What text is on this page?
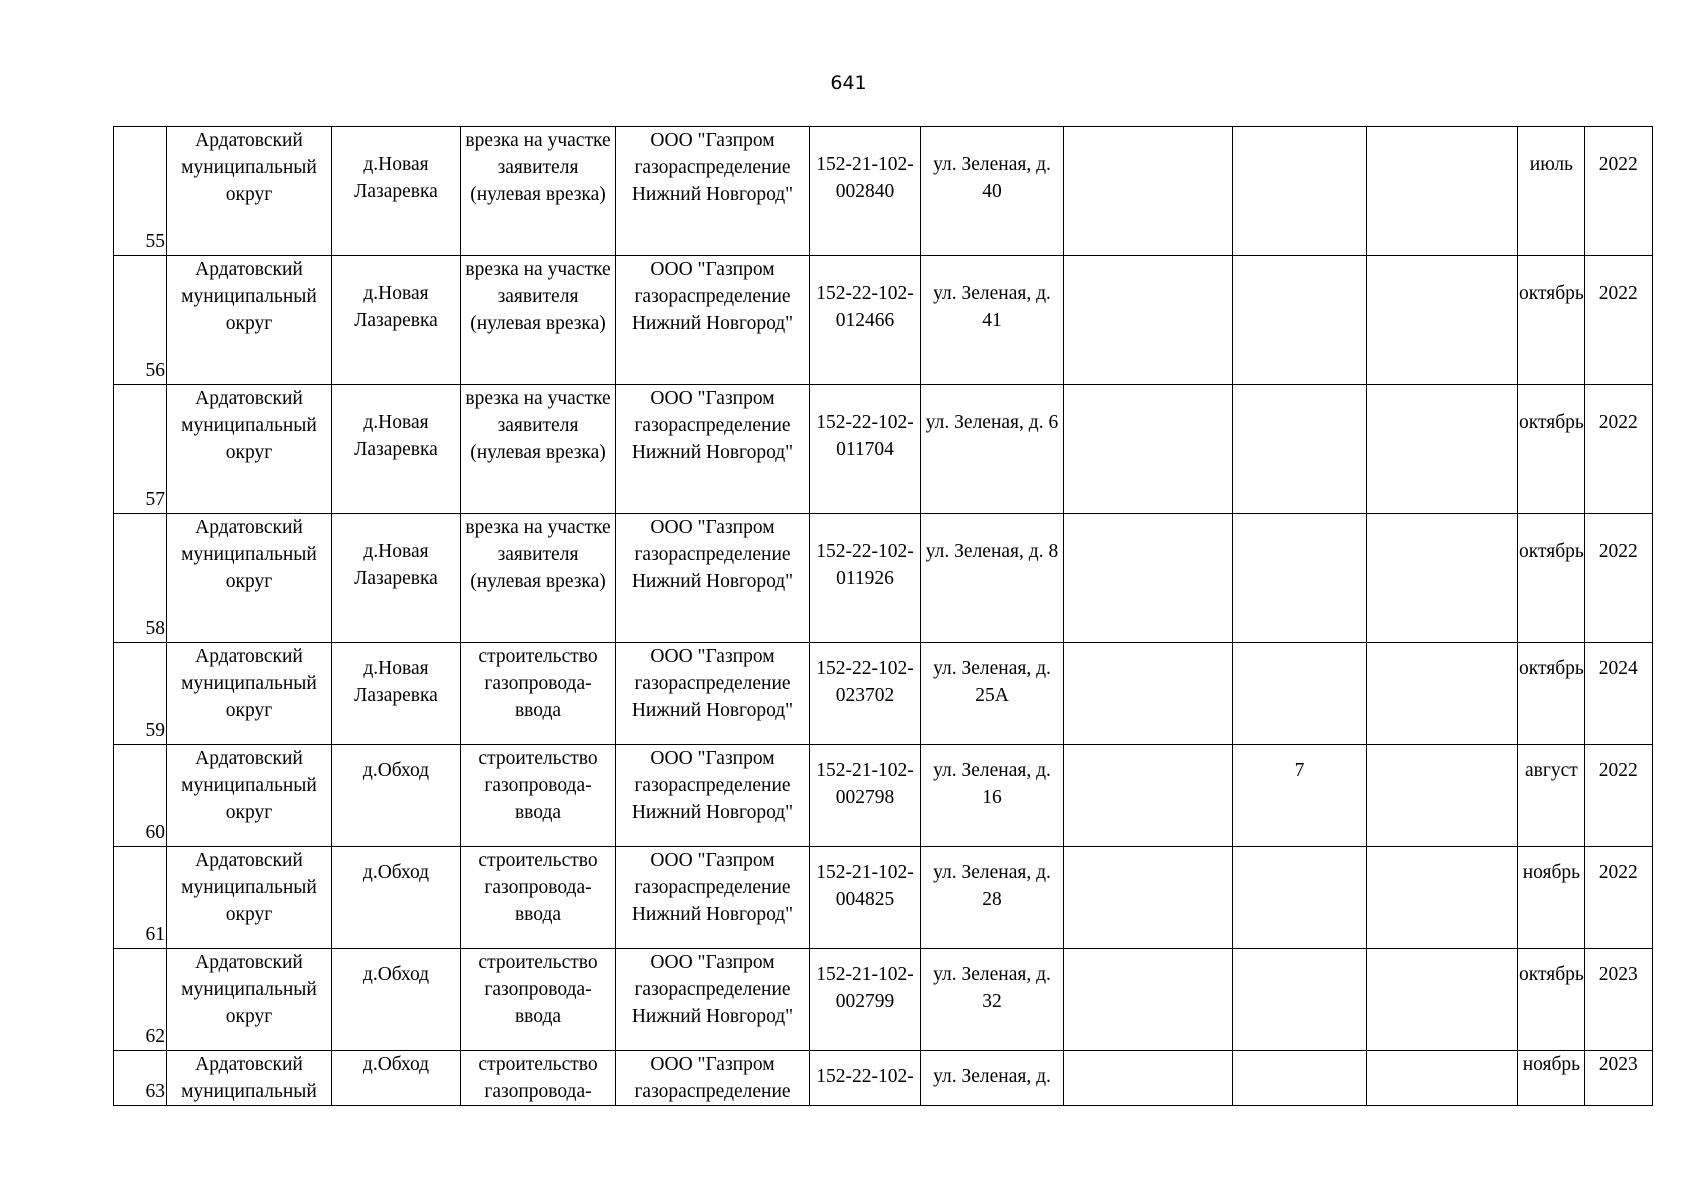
641
55	Ардатовский муниципальный округ	д.Новая Лазаревка	врезка на участке заявителя (нулевая врезка)	ООО "Газпром газораспределение Нижний Новгород"	152-21-102-002840	ул. Зеленая, д. 40				июль	2022

56	Ардатовский муниципальный округ	д.Новая Лазаревка	врезка на участке заявителя (нулевая врезка)	ООО "Газпром газораспределение Нижний Новгород"	152-22-102-012466	ул. Зеленая, д. 41				октябрь	2022

57	Ардатовский муниципальный округ	д.Новая Лазаревка	врезка на участке заявителя (нулевая врезка)	ООО "Газпром газораспределение Нижний Новгород"	152-22-102-011704	ул. Зеленая, д. 6				октябрь	2022

58	Ардатовский муниципальный округ	д.Новая Лазаревка	врезка на участке заявителя (нулевая врезка)	ООО "Газпром газораспределение Нижний Новгород"	152-22-102-011926	ул. Зеленая, д. 8				октябрь	2022

59	Ардатовский муниципальный округ	д.Новая Лазаревка	строительство газопровода-ввода	ООО "Газпром газораспределение Нижний Новгород"	152-22-102-023702	ул. Зеленая, д. 25А				октябрь	2024

60	Ардатовский муниципальный округ	д.Обход	строительство газопровода-ввода	ООО "Газпром газораспределение Нижний Новгород"	152-21-102-002798	ул. Зеленая, д. 16		7		август	2022

61	Ардатовский муниципальный округ	д.Обход	строительство газопровода-ввода	ООО "Газпром газораспределение Нижний Новгород"	152-21-102-004825	ул. Зеленая, д. 28				ноябрь	2022

62	Ардатовский муниципальный округ	д.Обход	строительство газопровода-ввода	ООО "Газпром газораспределение Нижний Новгород"	152-21-102-002799	ул. Зеленая, д. 32				октябрь	2023

63	Ардатовский муниципальный	д.Обход	строительство газопровода-	ООО "Газпром газораспределение	152-22-102-	ул. Зеленая, д.				ноябрь	2023
